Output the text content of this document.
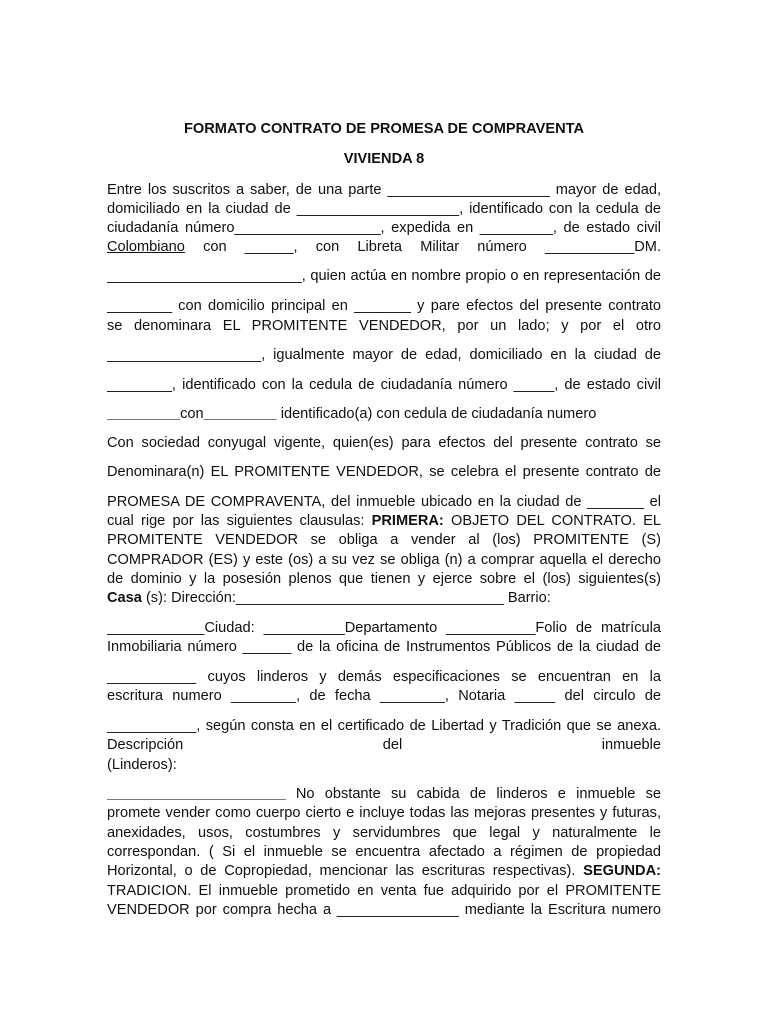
FORMATO CONTRATO DE PROMESA DE COMPRAVENTA
VIVIENDA 8
Entre los suscritos a saber, de una parte ____________________ mayor de edad,
domiciliado en la ciudad de ____________________, identificado con la cedula de
ciudadanía número__________________, expedida en _________, de estado civil
Colombiano con ______, con Libreta Militar número ___________DM.
________________________, quien actúa en nombre propio o en representación de
________ con domicilio principal en _______ y pare efectos del presente contrato
se denominara EL PROMITENTE VENDEDOR, por un lado; y por el otro
___________________, igualmente mayor de edad, domiciliado en la ciudad de
________, identificado con la cedula de ciudadanía número _____, de estado civil
_________con_________ identificado(a) con cedula de ciudadanía numero
Con sociedad conyugal vigente, quien(es) para efectos del presente contrato se
Denominara(n) EL PROMITENTE VENDEDOR, se celebra el presente contrato de
PROMESA DE COMPRAVENTA, del inmueble ubicado en la ciudad de _______ el
cual rige por las siguientes clausulas: PRIMERA: OBJETO DEL CONTRATO. EL
PROMITENTE VENDEDOR se obliga a vender al (los) PROMITENTE (S)
COMPRADOR (ES) y este (os) a su vez se obliga (n) a comprar aquella el derecho
de dominio y la posesión plenos que tienen y ejerce sobre el (los) siguientes(s)
Casa (s): Dirección:_________________________________ Barrio:
____________Ciudad: __________Departamento ___________Folio de matrícula
Inmobiliaria número ______ de la oficina de Instrumentos Públicos de la ciudad de
___________ cuyos linderos y demás especificaciones se encuentran en la
escritura numero ________, de fecha ________, Notaria _____ del circulo de
___________, según consta en el certificado de Libertad y Tradición que se anexa.
Descripción del inmueble
(Linderos):
______________________ No obstante su cabida de linderos e inmueble se
promete vender como cuerpo cierto e incluye todas las mejoras presentes y futuras,
anexidades, usos, costumbres y servidumbres que legal y naturalmente le
correspondan. ( Si el inmueble se encuentra afectado a régimen de propiedad
Horizontal, o de Copropiedad, mencionar las escrituras respectivas). SEGUNDA:
TRADICION. El inmueble prometido en venta fue adquirido por el PROMITENTE
VENDEDOR por compra hecha a _______________ mediante la Escritura numero
